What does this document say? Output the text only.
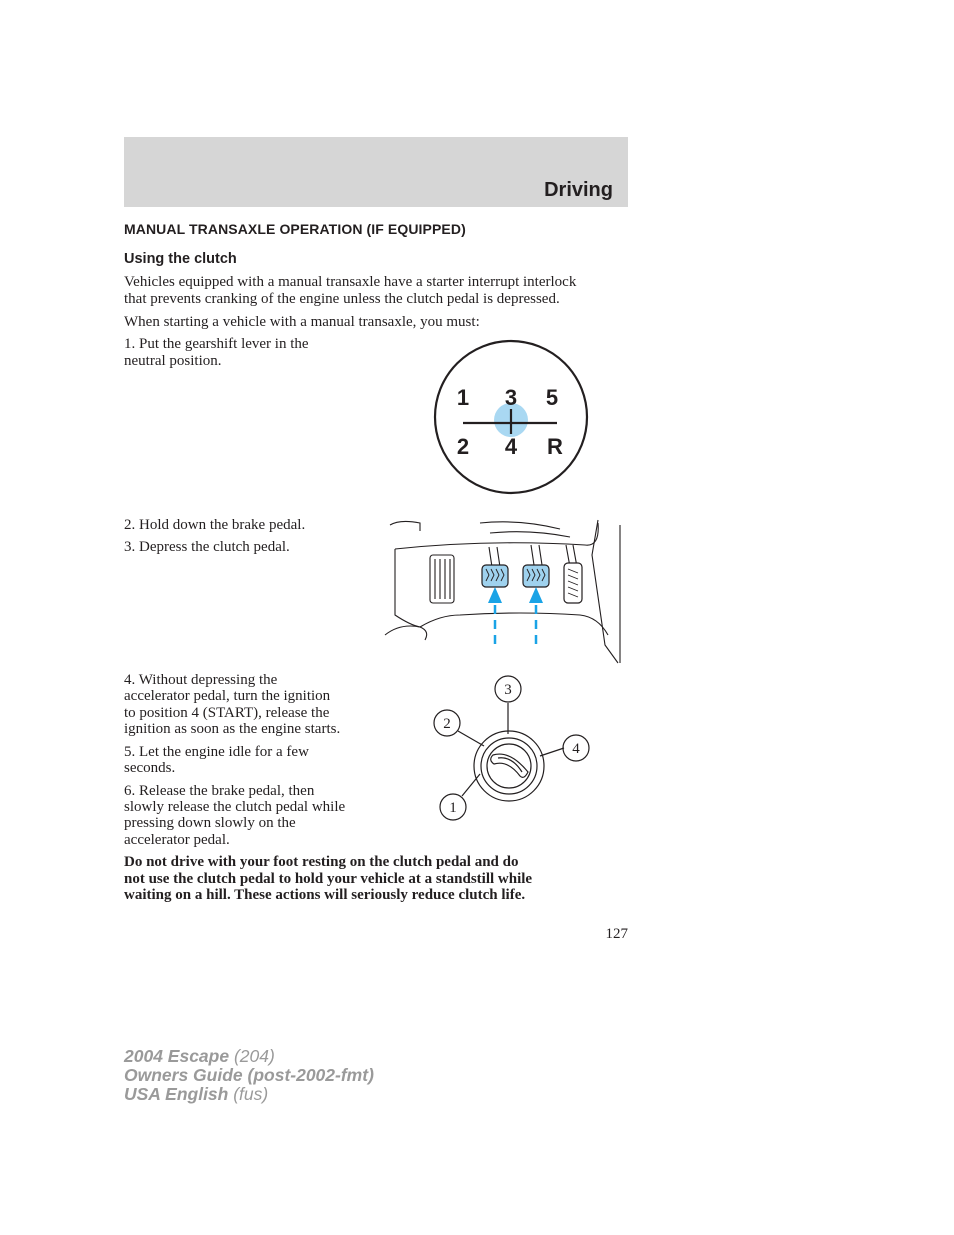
Driving
MANUAL TRANSAXLE OPERATION (IF EQUIPPED)
Using the clutch

Vehicles equipped with a manual transaxle have a starter interrupt interlock

that prevents cranking of the engine unless the clutch pedal is depressed.

When starting a vehicle with a manual transaxle, you must:

1. Put the gearshift lever in the

neutral position.

1 3 5
2 4 R

2. Hold down the brake pedal.

3. Depress the clutch pedal.

4. Without depressing the

accelerator pedal, turn the ignition

to position 4 (START), release the

ignition as soon as the engine starts.

5. Let the engine idle for a few

seconds.

6. Release the brake pedal, then

slowly release the clutch pedal while

pressing down slowly on the

accelerator pedal.

1
2
3
4

Do not drive with your foot resting on the clutch pedal and do

not use the clutch pedal to hold your vehicle at a standstill while

waiting on a hill. These actions will seriously reduce clutch life.

127
2004 Escape (204)
Owners Guide (post-2002-fmt)
USA English (fus)
